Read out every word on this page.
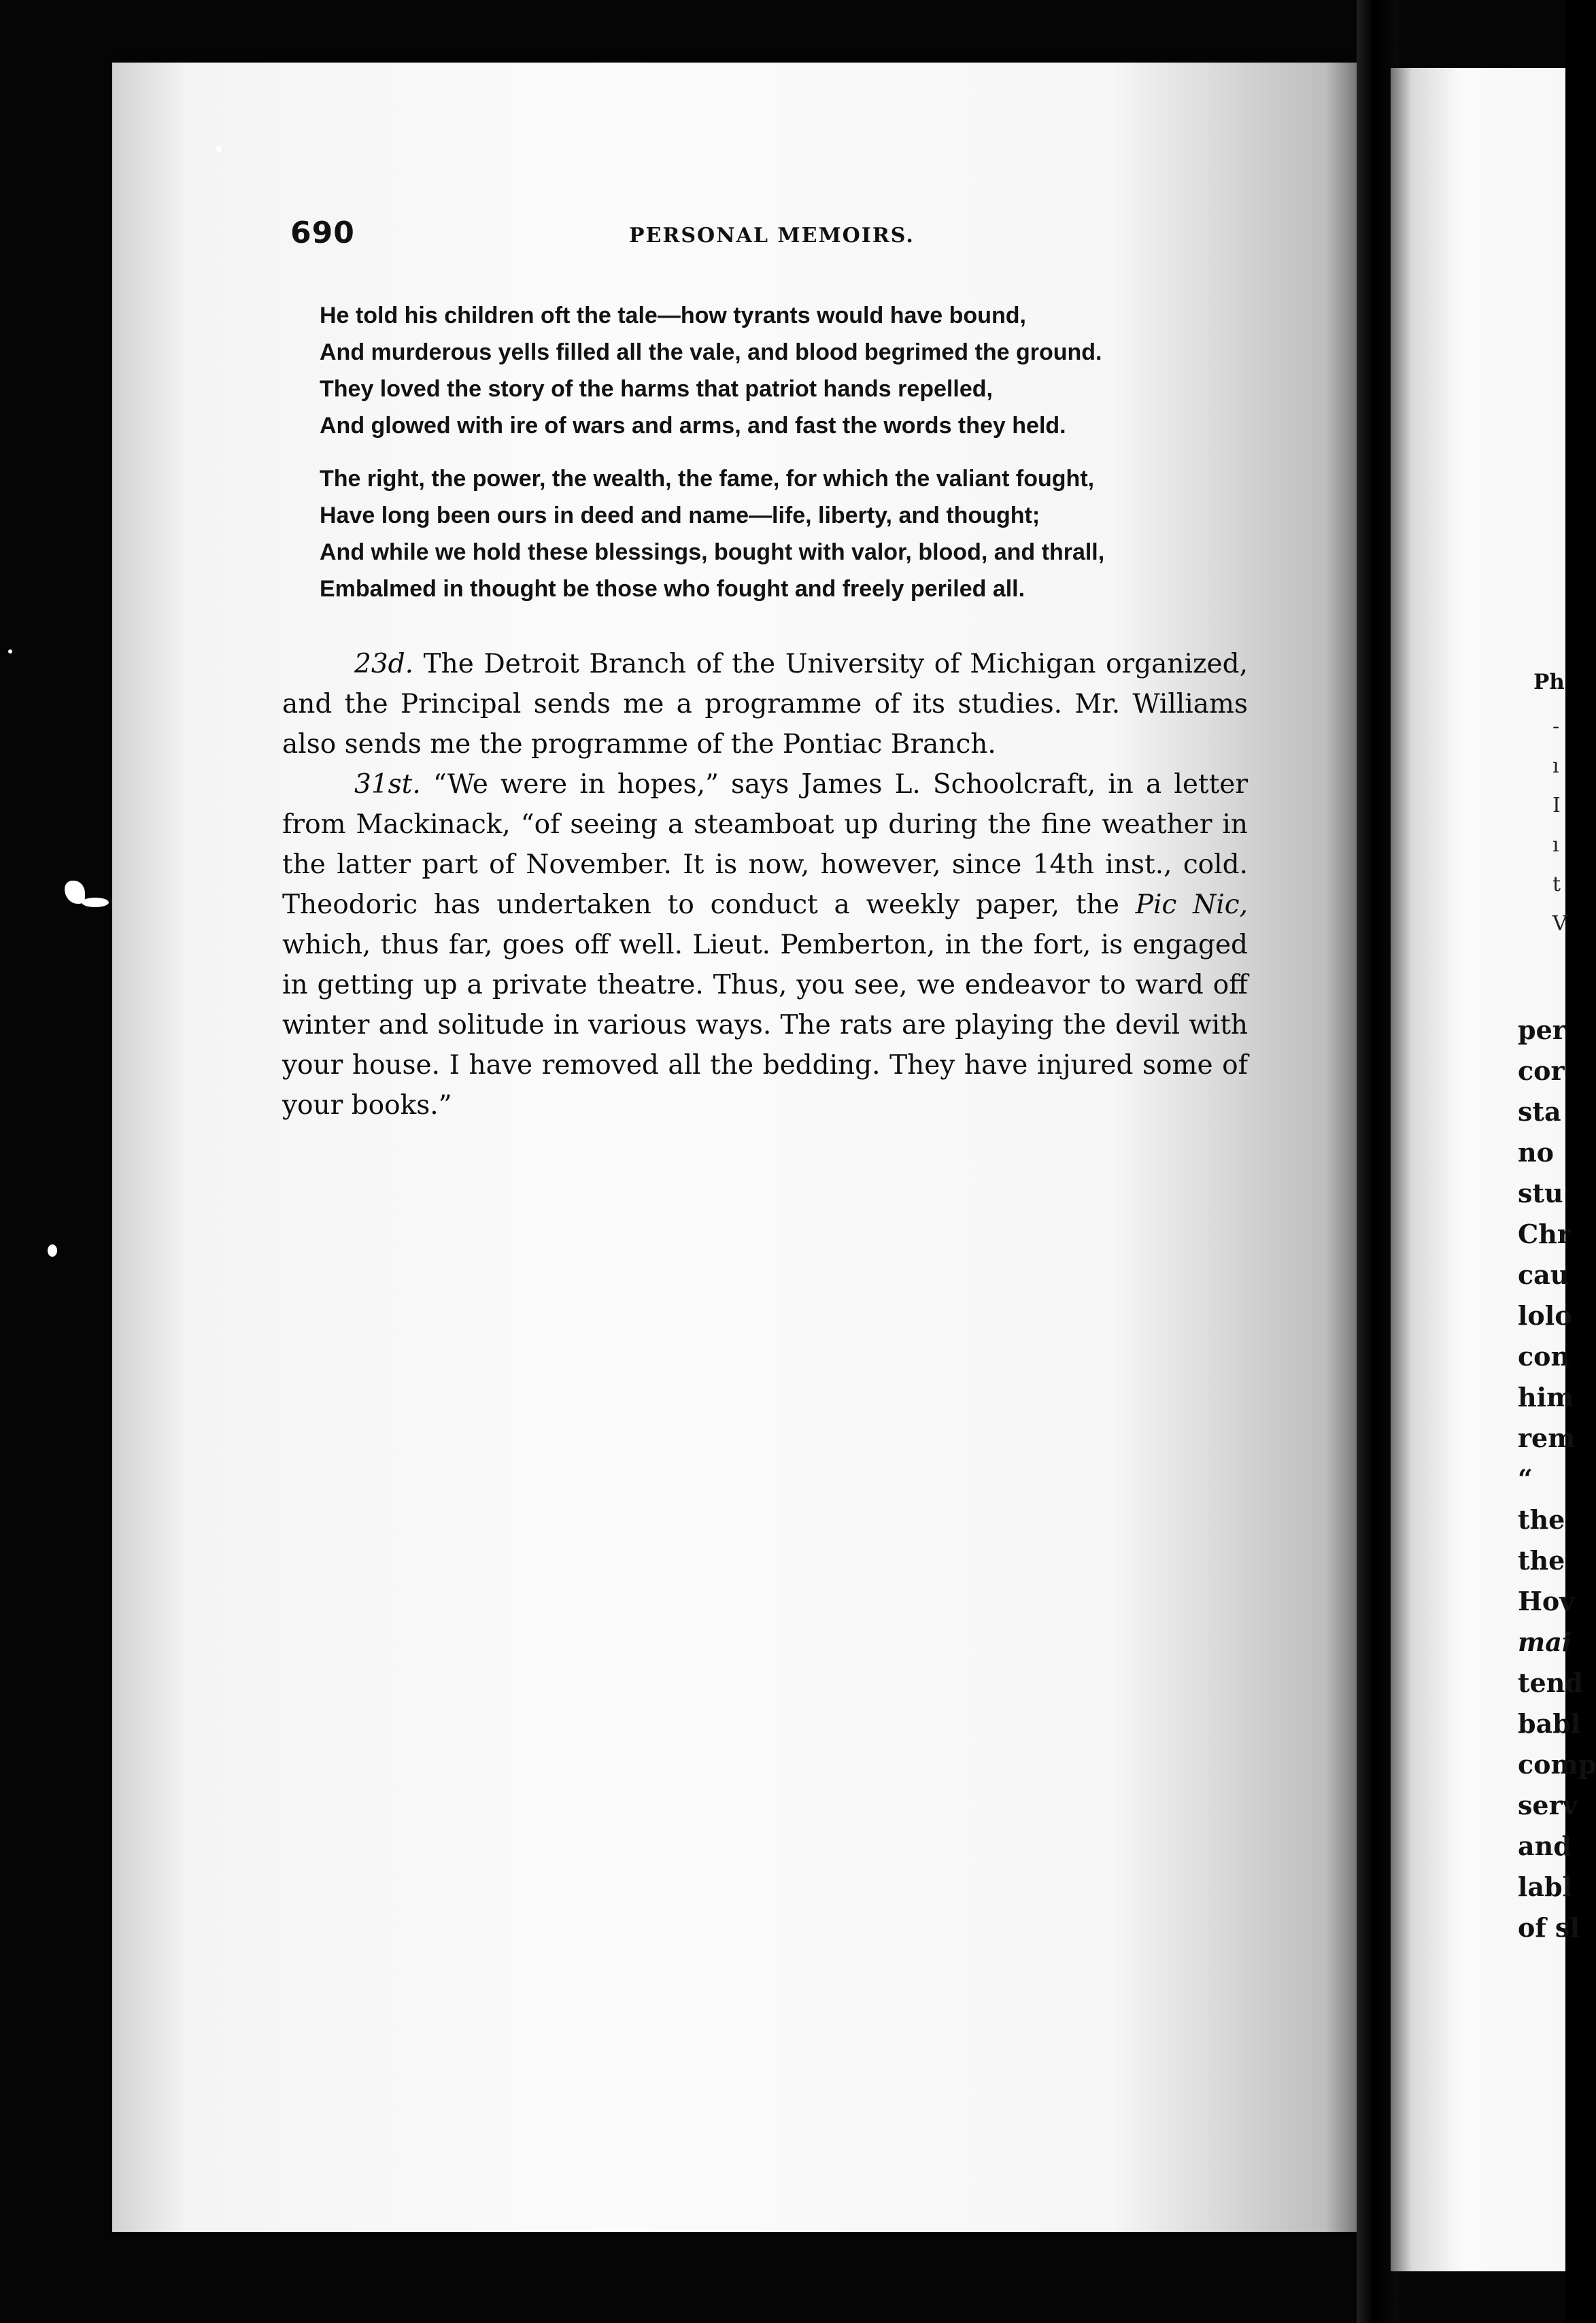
690	PERSONAL MEMOIRS.
He told his children oft the tale—how tyrants would have bound,
And murderous yells filled all the vale, and blood begrimed the ground.
They loved the story of the harms that patriot hands repelled,
And glowed with ire of wars and arms, and fast the words they held.
The right, the power, the wealth, the fame, for which the valiant fought,
Have long been ours in deed and name—life, liberty, and thought;
And while we hold these blessings, bought with valor, blood, and thrall,
Embalmed in thought be those who fought and freely periled all.

23d. The Detroit Branch of the University of Michigan organized, and the Principal sends me a programme of its studies. Mr. Williams also sends me the programme of the Pontiac Branch.

31st. “We were in hopes,” says James L. Schoolcraft, in a letter from Mackinack, “of seeing a steamboat up during the fine weather in the latter part of November. It is now, however, since 14th inst., cold. Theodoric has undertaken to conduct a weekly paper, the Pic Nic, which, thus far, goes off well. Lieut. Pemberton, in the fort, is engaged in getting up a private theatre. Thus, you see, we endeavor to ward off winter and solitude in various ways. The rats are playing the devil with your house. I have removed all the bedding. They have injured some of your books.”

Ph
-
ı
I
ı
t
V
per
cor
sta
no
stu
Chr
cau
lolo
con
him
rem
“
the
the
Hov
mai
tend
babl
comp
serv
and
labl
of sl
